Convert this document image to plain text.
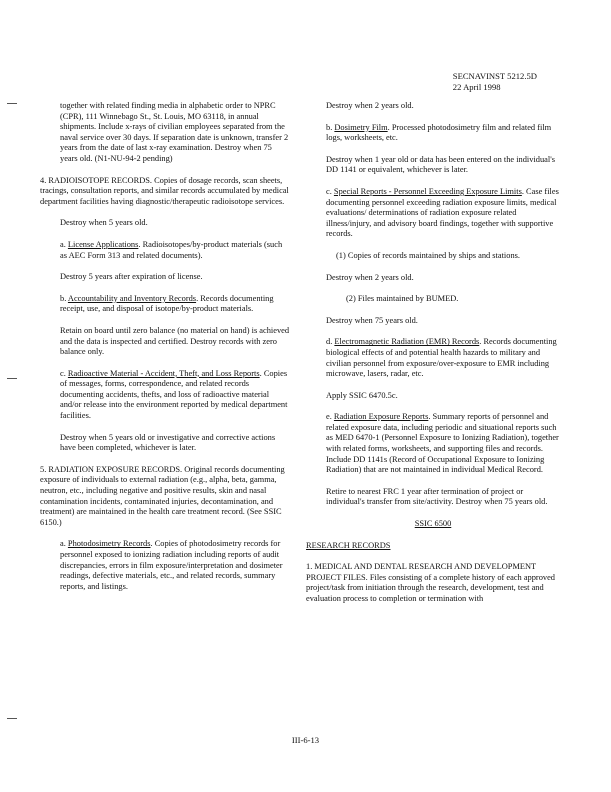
SECNAVINST 5212.5D
22 April 1998

together with related finding media in alphabetic order to NPRC (CPR), 111 Winnebago St., St. Louis, MO 63118, in annual shipments. Include x-rays of civilian employees separated from the naval service over 30 days. If separation date is unknown, transfer 2 years from the date of last x-ray examination. Destroy when 75 years old. (N1-NU-94-2 pending)

4. RADIOISOTOPE RECORDS. Copies of dosage records, scan sheets, tracings, consultation reports, and similar records accumulated by medical department facilities having diagnostic/therapeutic radioisotope services.

Destroy when 5 years old.

a. License Applications. Radioisotopes/by-product materials (such as AEC Form 313 and related documents).

Destroy 5 years after expiration of license.

b. Accountability and Inventory Records. Records documenting receipt, use, and disposal of isotope/by-product materials.

Retain on board until zero balance (no material on hand) is achieved and the data is inspected and certified. Destroy records with zero balance only.

c. Radioactive Material - Accident, Theft, and Loss Reports. Copies of messages, forms, correspondence, and related records documenting accidents, thefts, and loss of radioactive material and/or release into the environment reported by medical department facilities.

Destroy when 5 years old or investigative and corrective actions have been completed, whichever is later.

5. RADIATION EXPOSURE RECORDS. Original records documenting exposure of individuals to external radiation (e.g., alpha, beta, gamma, neutron, etc., including negative and positive results, skin and nasal contamination incidents, contaminated injuries, decontamination, and treatment) are maintained in the health care treatment record. (See SSIC 6150.)

a. Photodosimetry Records. Copies of photodosimetry records for personnel exposed to ionizing radiation including reports of audit discrepancies, errors in film exposure/interpretation and dosimeter readings, defective materials, etc., and related records, summary reports, and listings.

Destroy when 2 years old.

b. Dosimetry Film. Processed photodosimetry film and related film logs, worksheets, etc.

Destroy when 1 year old or data has been entered on the individual's DD 1141 or equivalent, whichever is later.

c. Special Reports - Personnel Exceeding Exposure Limits. Case files documenting personnel exceeding radiation exposure limits, medical evaluations/ determinations of radiation exposure related illness/injury, and advisory board findings, together with supportive records.

(1) Copies of records maintained by ships and stations.

Destroy when 2 years old.

(2) Files maintained by BUMED.

Destroy when 75 years old.

d. Electromagnetic Radiation (EMR) Records. Records documenting biological effects of and potential health hazards to military and civilian personnel from exposure/over-exposure to EMR including microwave, lasers, radar, etc.

Apply SSIC 6470.5c.

e. Radiation Exposure Reports. Summary reports of personnel and related exposure data, including periodic and situational reports such as MED 6470-1 (Personnel Exposure to Ionizing Radiation), together with related forms, worksheets, and supporting files and records. Include DD 1141s (Record of Occupational Exposure to Ionizing Radiation) that are not maintained in individual Medical Record.

Retire to nearest FRC 1 year after termination of project or individual's transfer from site/activity. Destroy when 75 years old.

SSIC 6500

RESEARCH RECORDS

1. MEDICAL AND DENTAL RESEARCH AND DEVELOPMENT PROJECT FILES. Files consisting of a complete history of each approved project/task from initiation through the research, development, test and evaluation process to completion or termination with

III-6-13
